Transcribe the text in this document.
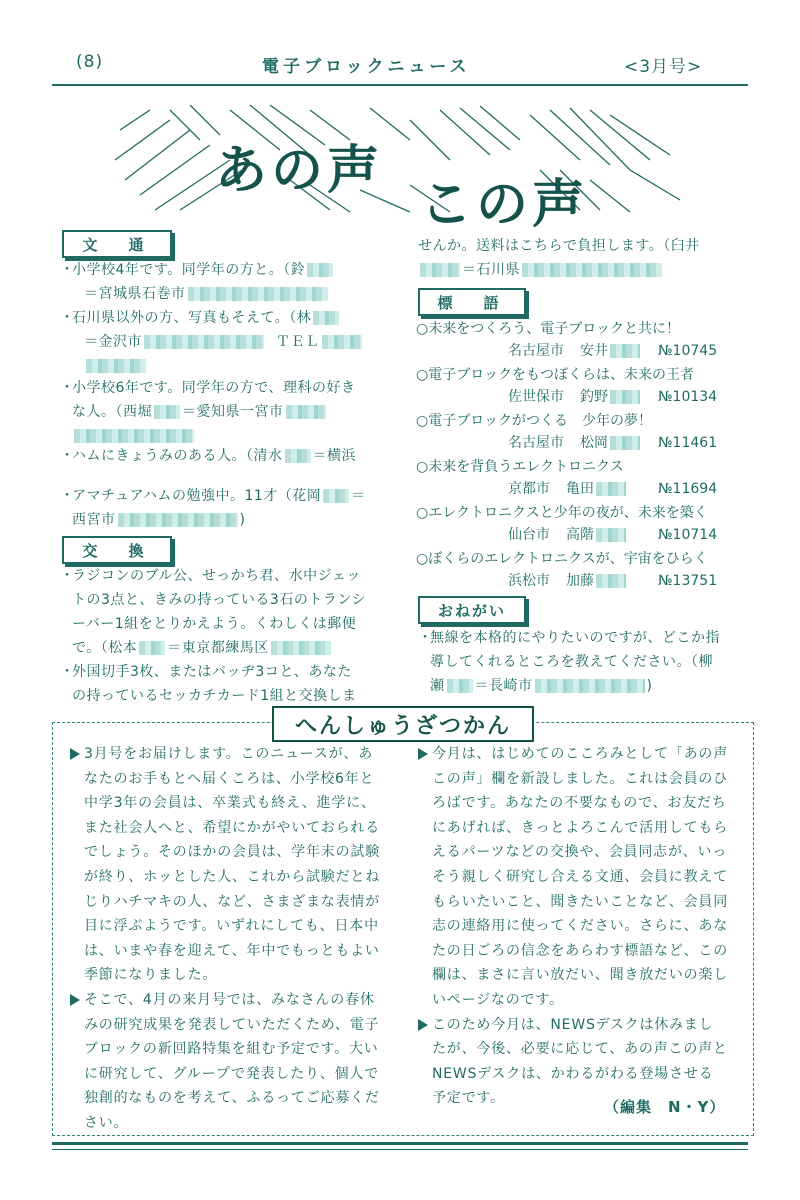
(8)	電子ブロックニュース	<3月号>
あの声
この声
文　通
・小学校4年です。同学年の方と。（鈴
＝宮城県石巻市
・石川県以外の方、写真もそえて。（林
＝金沢市	ＴＥＬ
・小学校6年です。同学年の方で、理科の好き
な人。（西堀 ＝愛知県一宮市
・ハムにきょうみのある人。（清水 ＝横浜
・アマチュアハムの勉強中。11才（花岡 ＝
西宮市	)
交　換
・ラジコンのブル公、せっかち君、水中ジェッ
トの3点と、きみの持っている3石のトランシ
ーバー1組をとりかえよう。くわしくは郵便
で。（松本 ＝東京都練馬区
・外国切手3枚、またはバッヂ3コと、あなた
の持っているセッカチカード1組と交換しま
せんか。送料はこちらで負担します。（臼井
＝石川県
標　語
○未来をつくろう、電子ブロックと共に！
名古屋市 安井	№10745
○電子ブロックをもつぼくらは、未来の王者
佐世保市 釣野	№10134
○電子ブロックがつくる　少年の夢！
名古屋市 松岡	№11461
○未来を背負うエレクトロニクス
京都市 亀田	№11694
○エレクトロニクスと少年の夜が、未来を築く
仙台市 高階	№10714
○ぼくらのエレクトロニクスが、宇宙をひらく
浜松市 加藤	№13751
おねがい
・無線を本格的にやりたいのですが、どこか指
導してくれるところを教えてください。（柳
瀬 ＝長崎市	)
へんしゅうざつかん
3月号をお届けします。このニュースが、あ
なたのお手もとへ届くころは、小学校6年と
中学3年の会員は、卒業式も終え、進学に、
また社会人へと、希望にかがやいておられる
でしょう。そのほかの会員は、学年末の試験
が終り、ホッとした人、これから試験だとね
じりハチマキの人、など、さまざまな表情が
目に浮ぶようです。いずれにしても、日本中
は、いまや春を迎えて、年中でもっともよい
季節になりました。
そこで、4月の来月号では、みなさんの春休
みの研究成果を発表していただくため、電子
ブロックの新回路特集を組む予定です。大い
に研究して、グループで発表したり、個人で
独創的なものを考えて、ふるってご応募くだ
さい。
今月は、はじめてのこころみとして「あの声
この声」欄を新設しました。これは会員のひ
ろばです。あなたの不要なもので、お友だち
にあげれば、きっとよろこんで活用してもら
えるパーツなどの交換や、会員同志が、いっ
そう親しく研究し合える文通、会員に教えて
もらいたいこと、聞きたいことなど、会員同
志の連絡用に使ってください。さらに、あな
たの日ごろの信念をあらわす標語など、この
欄は、まさに言い放だい、聞き放だいの楽し
いページなのです。
このため今月は、NEWSデスクは休みまし
たが、今後、必要に応じて、あの声この声と
NEWSデスクは、かわるがわる登場させる
予定です。	（編集　N・Y）
